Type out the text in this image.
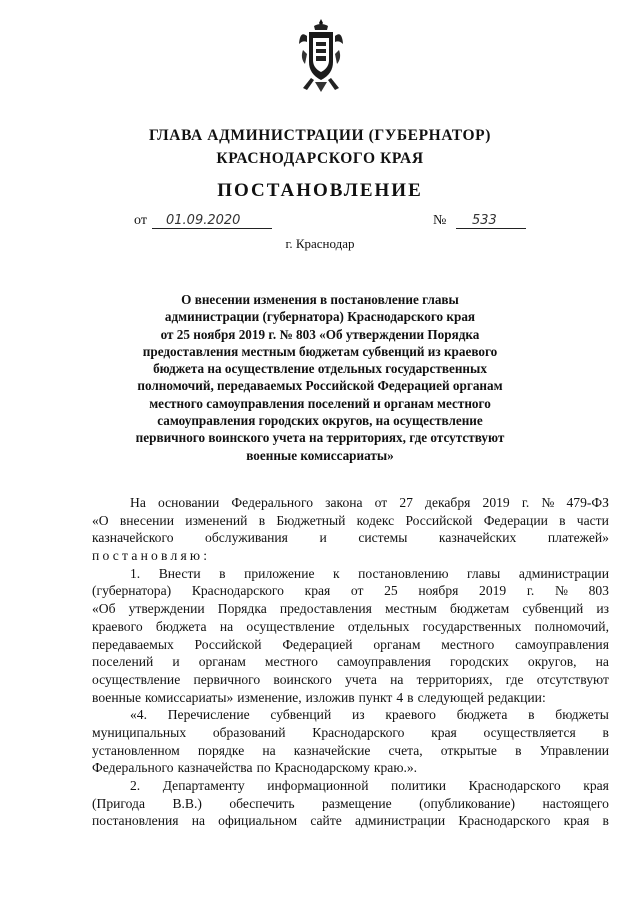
ГЛАВА АДМИНИСТРАЦИИ (ГУБЕРНАТОР)
КРАСНОДАРСКОГО КРАЯ
ПОСТАНОВЛЕНИЕ
от	01.09.2020	№	533
г. Краснодар
О внесении изменения в постановление главы
администрации (губернатора) Краснодарского края
от 25 ноября 2019 г. № 803 «Об утверждении Порядка
предоставления местным бюджетам субвенций из краевого
бюджета на осуществление отдельных государственных
полномочий, передаваемых Российской Федерацией органам
местного самоуправления поселений и органам местного
самоуправления городских округов, на осуществление
первичного воинского учета на территориях, где отсутствуют
военные комиссариаты»
На основании Федерального закона от 27 декабря 2019 г. № 479-ФЗ
«О внесении изменений в Бюджетный кодекс Российской Федерации в части
казначейского обслуживания и системы казначейских платежей»
постановляю:
1. Внести в приложение к постановлению главы администрации
(губернатора) Краснодарского края от 25 ноября 2019 г. № 803
«Об утверждении Порядка предоставления местным бюджетам субвенций из
краевого бюджета на осуществление отдельных государственных полномочий,
передаваемых Российской Федерацией органам местного самоуправления
поселений и органам местного самоуправления городских округов, на
осуществление первичного воинского учета на территориях, где отсутствуют
военные комиссариаты» изменение, изложив пункт 4 в следующей редакции:
«4. Перечисление субвенций из краевого бюджета в бюджеты
муниципальных образований Краснодарского края осуществляется в
установленном порядке на казначейские счета, открытые в Управлении
Федерального казначейства по Краснодарскому краю.».
2. Департаменту информационной политики Краснодарского края
(Пригода В.В.) обеспечить размещение (опубликование) настоящего
постановления на официальном сайте администрации Краснодарского края в
